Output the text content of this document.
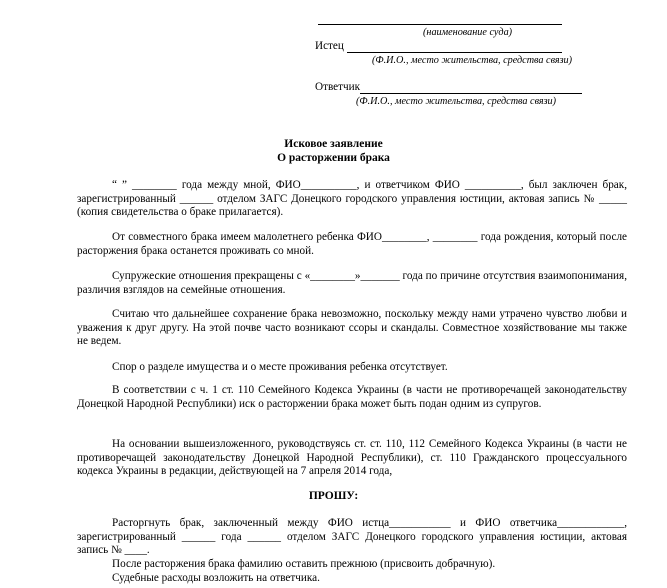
(наименование суда)
Истец
(Ф.И.О., место жительства, средства связи)
Ответчик
(Ф.И.О., место жительства, средства связи)
Исковое заявление
О расторжении брака
“ ” ________ года между мной, ФИО__________, и ответчиком ФИО __________, был заключен брак, зарегистрированный ______ отделом ЗАГС Донецкого городского управления юстиции, актовая запись № _____ (копия свидетельства о браке прилагается).
От совместного брака имеем малолетнего ребенка ФИО________, ________ года рождения, который после расторжения брака останется проживать со мной.
Супружеские отношения прекращены с «________»_______ года по причине отсутствия взаимопонимания, различия взглядов на семейные отношения.
Считаю что дальнейшее сохранение брака невозможно, поскольку между нами утрачено чувство любви и уважения к друг другу. На этой почве часто возникают ссоры и скандалы. Совместное хозяйствование мы также не ведем.
Спор о разделе имущества и о месте проживания ребенка отсутствует.
В соответствии с ч. 1 ст. 110 Семейного Кодекса Украины (в части не противоречащей законодательству Донецкой Народной Республики) иск о расторжении брака может быть подан одним из супругов.
На основании вышеизложенного, руководствуясь ст. ст. 110, 112 Семейного Кодекса Украины (в части не противоречащей законодательству Донецкой Народной Республики), ст. 110 Гражданского процессуального кодекса Украины в редакции, действующей на 7 апреля 2014 года,
ПРОШУ:
Расторгнуть брак, заключенный между ФИО истца___________ и ФИО ответчика____________, зарегистрированный ______ года ______ отделом ЗАГС Донецкого городского управления юстиции, актовая запись № ____.
После расторжения брака фамилию оставить прежнюю (присвоить добрачную).
Судебные расходы возложить на ответчика.
